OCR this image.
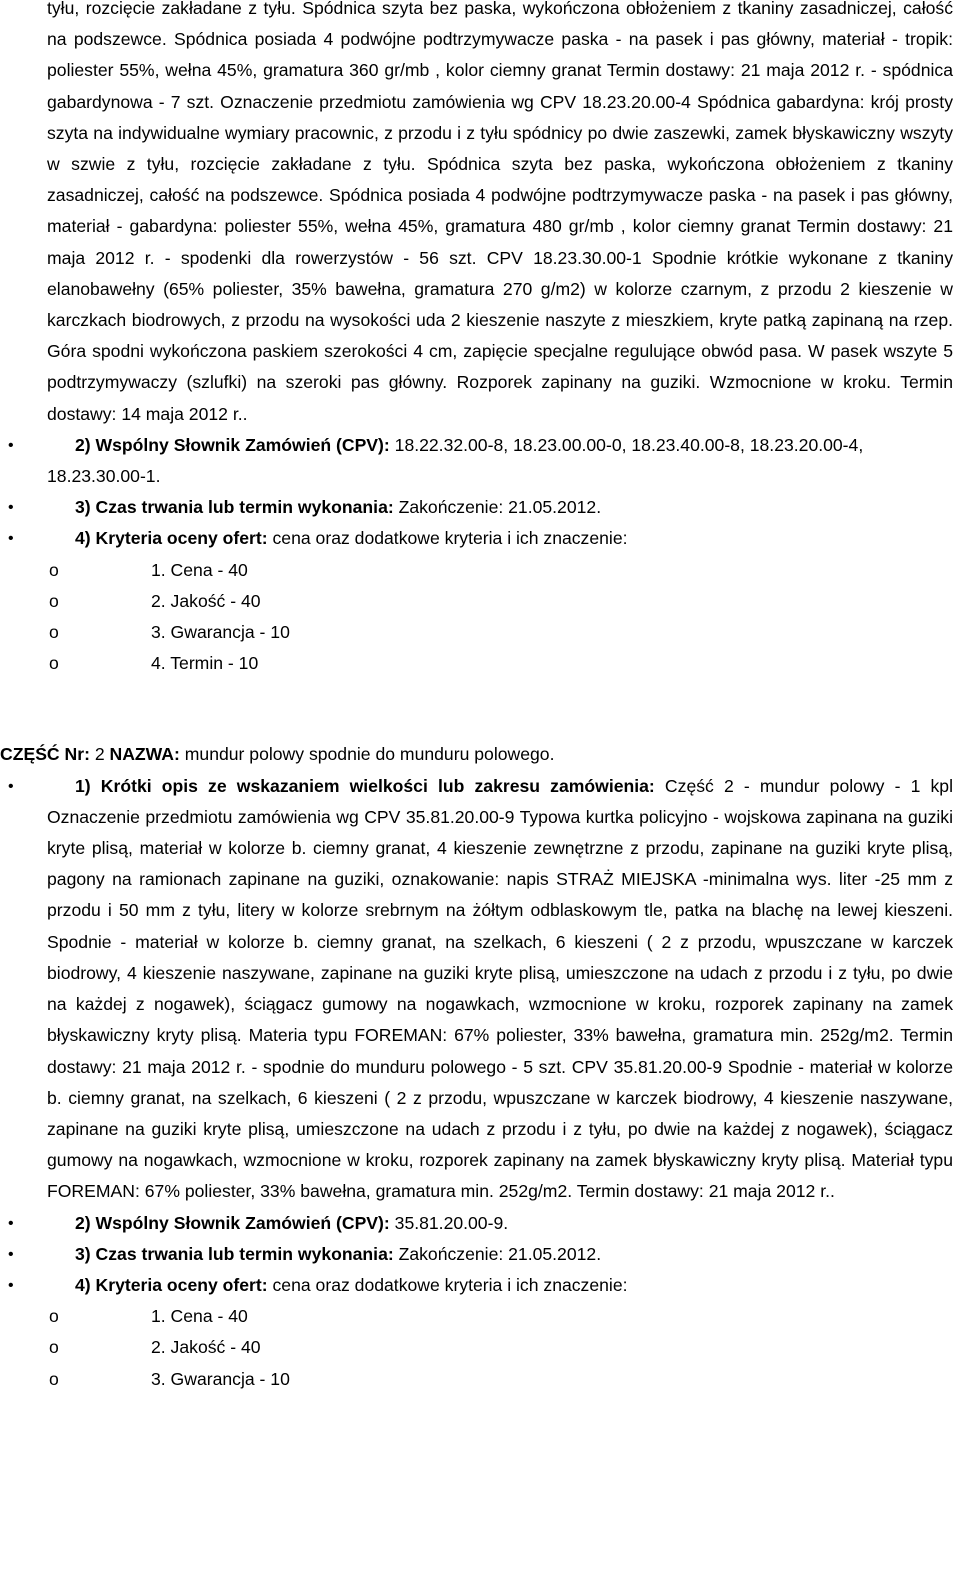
tyłu, rozcięcie zakładane z tyłu. Spódnica szyta bez paska, wykończona obłożeniem z tkaniny zasadniczej, całość na podszewce. Spódnica posiada 4 podwójne podtrzymywacze paska - na pasek i pas główny, materiał - tropik: poliester 55%, wełna 45%, gramatura 360 gr/mb , kolor ciemny granat Termin dostawy: 21 maja 2012 r. - spódnica gabardynowa - 7 szt. Oznaczenie przedmiotu zamówienia wg CPV 18.23.20.00-4 Spódnica gabardyna: krój prosty szyta na indywidualne wymiary pracownic, z przodu i z tyłu spódnicy po dwie zaszewki, zamek błyskawiczny wszyty w szwie z tyłu, rozcięcie zakładane z tyłu. Spódnica szyta bez paska, wykończona obłożeniem z tkaniny zasadniczej, całość na podszewce. Spódnica posiada 4 podwójne podtrzymywacze paska - na pasek i pas główny, materiał - gabardyna: poliester 55%, wełna 45%, gramatura 480 gr/mb , kolor ciemny granat Termin dostawy: 21 maja 2012 r. - spodenki dla rowerzystów - 56 szt. CPV 18.23.30.00-1 Spodnie krótkie wykonane z tkaniny elanobawełny (65% poliester, 35% bawełna, gramatura 270 g/m2) w kolorze czarnym, z przodu 2 kieszenie w karczkach biodrowych, z przodu na wysokości uda 2 kieszenie naszyte z mieszkiem, kryte patką zapinaną na rzep. Góra spodni wykończona paskiem szerokości 4 cm, zapięcie specjalne regulujące obwód pasa. W pasek wszyte 5 podtrzymywaczy (szlufki) na szeroki pas główny. Rozporek zapinany na guziki. Wzmocnione w kroku. Termin dostawy: 14 maja 2012 r..

•	2) Wspólny Słownik Zamówień (CPV): 18.22.32.00-8, 18.23.00.00-0, 18.23.40.00-8, 18.23.20.00-4, 18.23.30.00-1.
•	3) Czas trwania lub termin wykonania: Zakończenie: 21.05.2012.
•	4) Kryteria oceny ofert: cena oraz dodatkowe kryteria i ich znaczenie:
o	1. Cena - 40
o	2. Jakość - 40
o	3. Gwarancja - 10
o	4. Termin - 10

CZĘŚĆ Nr: 2 NAZWA: mundur polowy spodnie do munduru polowego.

•	1) Krótki opis ze wskazaniem wielkości lub zakresu zamówienia: Część 2 - mundur polowy - 1 kpl Oznaczenie przedmiotu zamówienia wg CPV 35.81.20.00-9 Typowa kurtka policyjno - wojskowa zapinana na guziki kryte plisą, materiał w kolorze b. ciemny granat, 4 kieszenie zewnętrzne z przodu, zapinane na guziki kryte plisą, pagony na ramionach zapinane na guziki, oznakowanie: napis STRAŻ MIEJSKA -minimalna wys. liter -25 mm z przodu i 50 mm z tyłu, litery w kolorze srebrnym na żółtym odblaskowym tle, patka na blachę na lewej kieszeni. Spodnie - materiał w kolorze b. ciemny granat, na szelkach, 6 kieszeni ( 2 z przodu, wpuszczane w karczek biodrowy, 4 kieszenie naszywane, zapinane na guziki kryte plisą, umieszczone na udach z przodu i z tyłu, po dwie na każdej z nogawek), ściągacz gumowy na nogawkach, wzmocnione w kroku, rozporek zapinany na zamek błyskawiczny kryty plisą. Materia typu FOREMAN: 67% poliester, 33% bawełna, gramatura min. 252g/m2. Termin dostawy: 21 maja 2012 r. - spodnie do munduru polowego - 5 szt. CPV 35.81.20.00-9 Spodnie - materiał w kolorze b. ciemny granat, na szelkach, 6 kieszeni ( 2 z przodu, wpuszczane w karczek biodrowy, 4 kieszenie naszywane, zapinane na guziki kryte plisą, umieszczone na udach z przodu i z tyłu, po dwie na każdej z nogawek), ściągacz gumowy na nogawkach, wzmocnione w kroku, rozporek zapinany na zamek błyskawiczny kryty plisą. Materiał typu FOREMAN: 67% poliester, 33% bawełna, gramatura min. 252g/m2. Termin dostawy: 21 maja 2012 r..
•	2) Wspólny Słownik Zamówień (CPV): 35.81.20.00-9.
•	3) Czas trwania lub termin wykonania: Zakończenie: 21.05.2012.
•	4) Kryteria oceny ofert: cena oraz dodatkowe kryteria i ich znaczenie:
o	1. Cena - 40
o	2. Jakość - 40
o	3. Gwarancja - 10
